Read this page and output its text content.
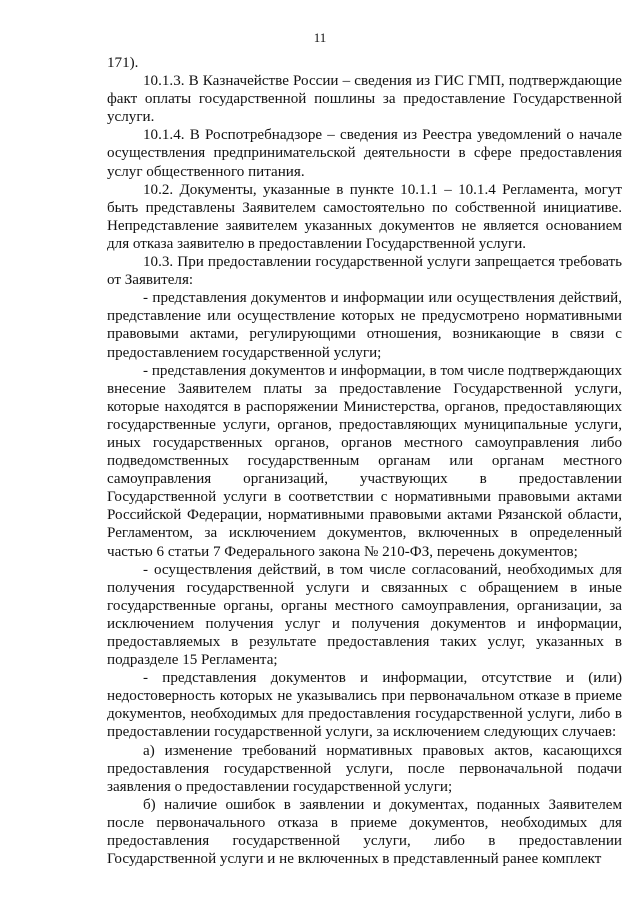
11

171).

10.1.3. В Казначействе России – сведения из ГИС ГМП, подтверждающие факт оплаты государственной пошлины за предоставление Государственной услуги.

10.1.4. В Роспотребнадзоре – сведения из Реестра уведомлений о начале осуществления предпринимательской деятельности в сфере предоставления услуг общественного питания.

10.2. Документы, указанные в пункте 10.1.1 – 10.1.4 Регламента, могут быть представлены Заявителем самостоятельно по собственной инициативе. Непредставление заявителем указанных документов не является основанием для отказа заявителю в предоставлении Государственной услуги.

10.3. При предоставлении государственной услуги запрещается требовать от Заявителя:

- представления документов и информации или осуществления действий, представление или осуществление которых не предусмотрено нормативными правовыми актами, регулирующими отношения, возникающие в связи с предоставлением государственной услуги;

- представления документов и информации, в том числе подтверждающих внесение Заявителем платы за предоставление Государственной услуги, которые находятся в распоряжении Министерства, органов, предоставляющих государственные услуги, органов, предоставляющих муниципальные услуги, иных государственных органов, органов местного самоуправления либо подведомственных государственным органам или органам местного самоуправления организаций, участвующих в предоставлении Государственной услуги в соответствии с нормативными правовыми актами Российской Федерации, нормативными правовыми актами Рязанской области, Регламентом, за исключением документов, включенных в определенный частью 6 статьи 7 Федерального закона № 210-ФЗ, перечень документов;

- осуществления действий, в том числе согласований, необходимых для получения государственной услуги и связанных с обращением в иные государственные органы, органы местного самоуправления, организации, за исключением получения услуг и получения документов и информации, предоставляемых в результате предоставления таких услуг, указанных в подразделе 15 Регламента;

- представления документов и информации, отсутствие и (или) недостоверность которых не указывались при первоначальном отказе в приеме документов, необходимых для предоставления государственной услуги, либо в предоставлении государственной услуги, за исключением следующих случаев:

а) изменение требований нормативных правовых актов, касающихся предоставления государственной услуги, после первоначальной подачи заявления о предоставлении государственной услуги;

б) наличие ошибок в заявлении и документах, поданных Заявителем после первоначального отказа в приеме документов, необходимых для предоставления государственной услуги, либо в предоставлении Государственной услуги и не включенных в представленный ранее комплект
